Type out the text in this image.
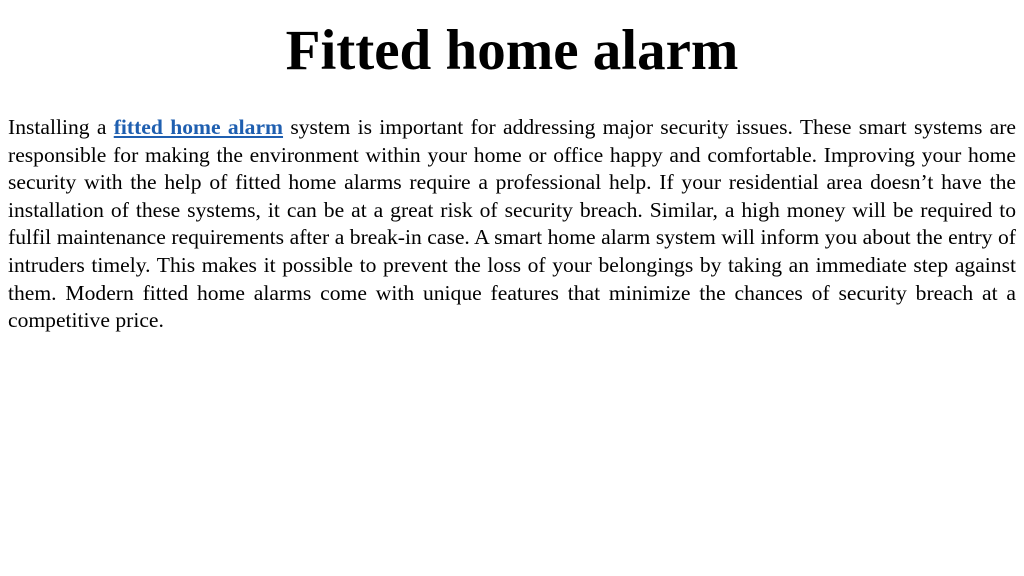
Fitted home alarm

Installing a fitted home alarm system is important for addressing major security issues. These smart systems are responsible for making the environment within your home or office happy and comfortable. Improving your home security with the help of fitted home alarms require a professional help. If your residential area doesn’t have the installation of these systems, it can be at a great risk of security breach. Similar, a high money will be required to fulfil maintenance requirements after a break-in case. A smart home alarm system will inform you about the entry of intruders timely. This makes it possible to prevent the loss of your belongings by taking an immediate step against them. Modern fitted home alarms come with unique features that minimize the chances of security breach at a competitive price.
